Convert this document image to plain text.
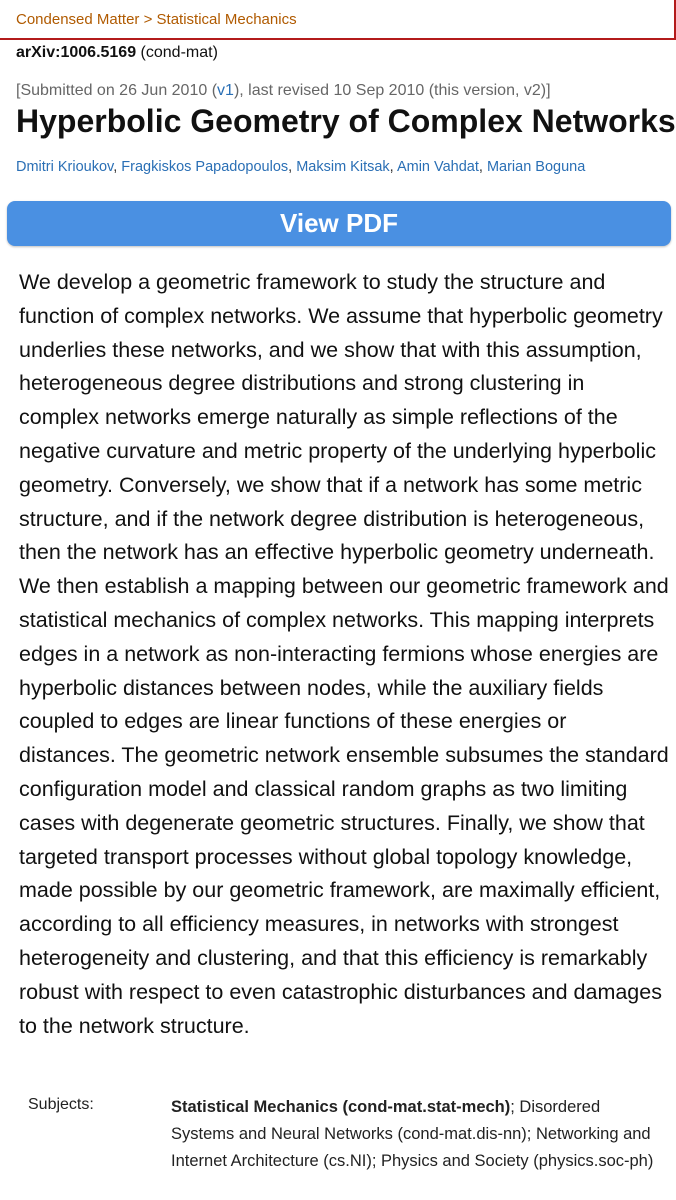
Condensed Matter > Statistical Mechanics
arXiv:1006.5169 (cond-mat)
[Submitted on 26 Jun 2010 (v1), last revised 10 Sep 2010 (this version, v2)]
Hyperbolic Geometry of Complex Networks
Dmitri Krioukov, Fragkiskos Papadopoulos, Maksim Kitsak, Amin Vahdat, Marian Boguna
View PDF

We develop a geometric framework to study the structure and function of complex networks. We assume that hyperbolic geometry underlies these networks, and we show that with this assumption, heterogeneous degree distributions and strong clustering in complex networks emerge naturally as simple reflections of the negative curvature and metric property of the underlying hyperbolic geometry. Conversely, we show that if a network has some metric structure, and if the network degree distribution is heterogeneous, then the network has an effective hyperbolic geometry underneath. We then establish a mapping between our geometric framework and statistical mechanics of complex networks. This mapping interprets edges in a network as non-interacting fermions whose energies are hyperbolic distances between nodes, while the auxiliary fields coupled to edges are linear functions of these energies or distances. The geometric network ensemble subsumes the standard configuration model and classical random graphs as two limiting cases with degenerate geometric structures. Finally, we show that targeted transport processes without global topology knowledge, made possible by our geometric framework, are maximally efficient, according to all efficiency measures, in networks with strongest heterogeneity and clustering, and that this efficiency is remarkably robust with respect to even catastrophic disturbances and damages to the network structure.

Subjects:	Statistical Mechanics (cond-mat.stat-mech); Disordered Systems and Neural Networks (cond-mat.dis-nn); Networking and Internet Architecture (cs.NI); Physics and Society (physics.soc-ph)
